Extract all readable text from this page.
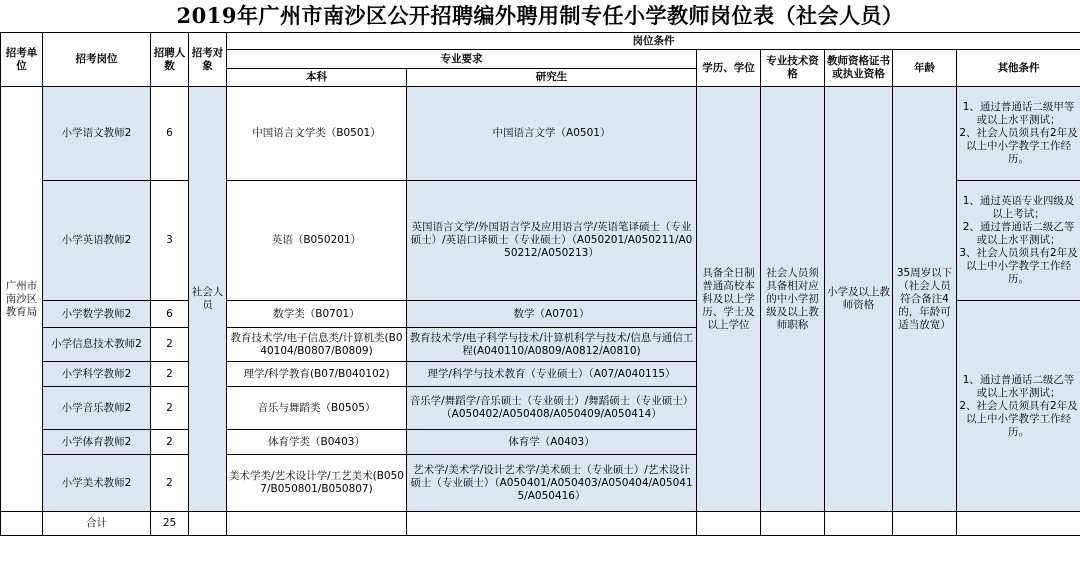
2019年广州市南沙区公开招聘编外聘用制专任小学教师岗位表（社会人员）
招考单位	招考岗位	招聘人数	招考对象	岗位条件						
				专业要求		学历、学位	专业技术资格	教师资格证书或执业资格	年龄	其他条件
				本科	研究生					
广州市南沙区教育局	小学语文教师2	6	社会人员	中国语言文学类（B0501）	中国语言文学（A0501）	具备全日制普通高校本科及以上学历、学士及以上学位	社会人员须具备相对应的中小学初级及以上教师职称	小学及以上教师资格	35周岁以下（社会人员符合备注4的，年龄可适当放宽）	1、通过普通话二级甲等或以上水平测试；
2、社会人员须具有2年及以上中小学教学工作经历。
	小学英语教师2	3		英语（B050201）	英国语言文学/外国语言学及应用语言学/英语笔译硕士（专业硕士）/英语口译硕士（专业硕士）（A050201/A050211/A050212/A050213）					1、通过英语专业四级及以上考试；
2、通过普通话二级乙等或以上水平测试；
3、社会人员须具有2年及以上中小学教学工作经历。
	小学数学教师2	6		数学类（B0701）	数学（A0701）					1、通过普通话二级乙等或以上水平测试；
2、社会人员须具有2年及以上中小学教学工作经历。
	小学信息技术教师2	2		教育技术学/电子信息类/计算机类(B040104/B0807/B0809)	教育技术学/电子科学与技术/计算机科学与技术/信息与通信工程(A040110/A0809/A0812/A0810)					
	小学科学教师2	2		理学/科学教育(B07/B040102)	理学/科学与技术教育（专业硕士）（A07/A040115）					
	小学音乐教师2	2		音乐与舞蹈类（B0505）	音乐学/舞蹈学/音乐硕士（专业硕士）/舞蹈硕士（专业硕士）（A050402/A050408/A050409/A050414）					
	小学体育教师2	2		体育学类（B0403）	体育学（A0403）					
	小学美术教师2	2		美术学类/艺术设计学/工艺美术(B0507/B050801/B050807)	艺术学/美术学/设计艺术学/美术硕士（专业硕士）/艺术设计硕士（专业硕士）（A050401/A050403/A050404/A050415/A050416）					
	合计	25								
